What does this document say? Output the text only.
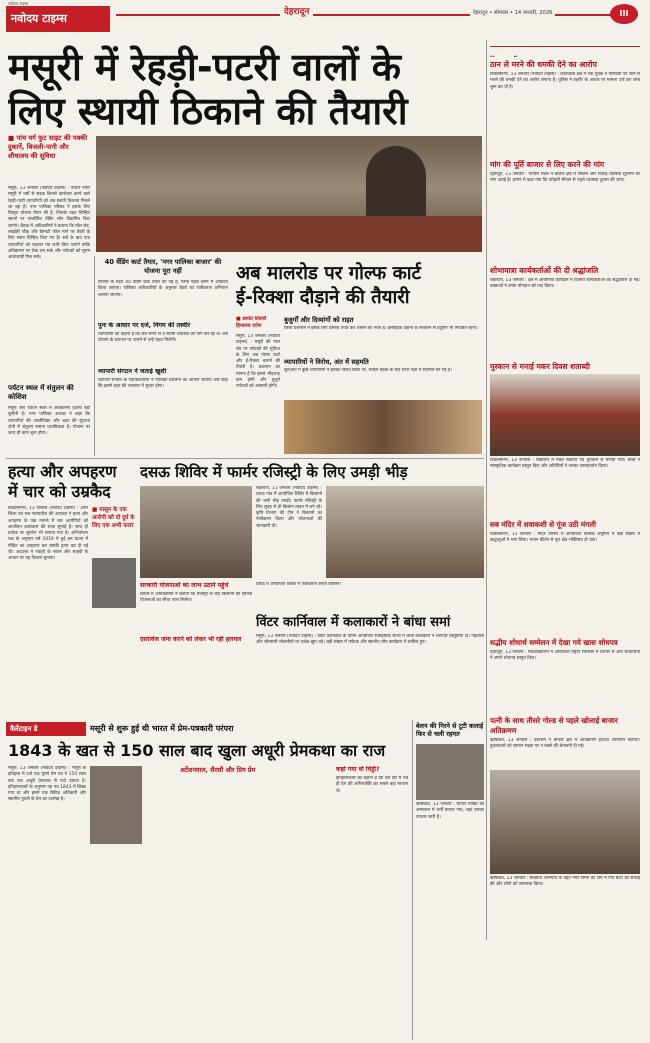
नवोदय टाइम्स
नवोदय टाइम्स	देहरादून	देहरादून • सोमवार • 14 जनवरी, 2026	III
मसूरी में रेहड़ी-पटरी वालों के
लिए स्थायी ठिकाने की तैयारी
■ पांच वर्ग फुट साइट की पक्की दुकानें, बिजली-पानी और शौचालय की सुविधा
मसूरी, 13 जनवरी (नवोदय टाइम्स) : पर्यटन नगरी मसूरी में वर्षों से सड़क किनारे कारोबार करने वाले रेहड़ी-पटरी व्यापारियों को अब स्थायी ठिकाना मिलने जा रहा है। नगर पालिका परिषद ने इसके लिए विस्तृत योजना तैयार की है, जिसके तहत चिन्हित स्थानों पर व्यवस्थित वेंडिंग जोन विकसित किए जाएंगे। बैठक में अधिकारियों ने बताया कि मॉल रोड, लाइब्रेरी चौक और कैम्पटी फॉल मार्ग पर वेंडरों के लिए स्थान चिन्हित किए गए हैं। सर्वे के बाद पात्र व्यापारियों को पहचान पत्र जारी किए जाएंगे ताकि अतिक्रमण पर रोक लग सके और पर्यटकों को सुगम आवाजाही मिल सके।
पर्यटन स्थल में संतुलन की कोशिश
मसूरी जैसे पर्यटन स्थल में अतिक्रमण हटाना बड़ी चुनौती है। नगर पालिका अध्यक्ष ने कहा कि व्यापारियों की आजीविका और शहर की सुंदरता दोनों में संतुलन बनाना प्राथमिकता है। योजना पर जल्द ही काम शुरू होगा।
40 वेंडिंग कार्ट तैयार, 'नगर पालिका बाजार' की योजना पूरा नहीं
योजना के तहत 40 वेंडिंग कार्ट तैयार की गई हैं, जिन्हें पहले चरण में आवंटित किया जाएगा। पालिका अधिकारियों के अनुसार वेंडरों का पंजीकरण अभियान चलाया जाएगा।
पुनः के आधार पर दर्ज, निगम की तस्वीर
व्यापारियों का कहना है कि लंबे समय से वे स्थायी व्यवस्था की मांग कर रहे थे। अब योजना के धरातल पर उतरने से उन्हें राहत मिलेगी।
व्यापारी संगठन ने जताई खुशी
व्यापारी संगठन के पदाधिकारियों ने पालिका प्रशासन का आभार जताया और कहा कि इससे शहर की व्यवस्था में सुधार होगा।
अब मालरोड पर गोल्फ कार्ट
ई-रिक्शा दौड़ाने की तैयारी
■ प्रशांत तिवारी
हिमालय दर्पण
मसूरी, 13 जनवरी (नवोदय टाइम्स) : मसूरी की माल रोड पर पर्यटकों की सुविधा के लिए अब गोल्फ कार्ट और ई-रिक्शा चलाने की तैयारी है। प्रशासन का मानना है कि इससे भीड़भाड़ कम होगी और बुजुर्ग पर्यटकों को आसानी होगी।
बुजुर्गों और दिव्यांगों को राहत
जिला प्रशासन ने इसके लिए प्रस्ताव तैयार कर शासन को भेजा है। इलेक्ट्रिक वाहनों के संचालन से प्रदूषण भी नियंत्रित रहेगा।
व्यापारियों ने विरोध, अंत में सहमति
शुरुआत में कुछ व्यापारियों ने इसका विरोध किया था, लेकिन बैठक के बाद सभी पक्षों में सहमति बन गई है।
ठान ले मरने की धमकी देने का आरोप
विकासनगर, 13 जनवरी (नवोदय टाइम्स) : कोतवाली क्षेत्र में एक युवक ने परिचितों पर जान से मारने की धमकी देने का आरोप लगाया है। पुलिस ने तहरीर के आधार पर मामला दर्ज कर जांच शुरू कर दी है।
मांग की पूर्ति बाजार से लिए करने की मांग
देहरादून, 13 जनवरी : व्यापार मंडल ने बाजार क्षेत्र में पार्किंग और सफाई व्यवस्था सुधारने की मांग उठाई है। ज्ञापन में कहा गया कि त्योहारी सीजन से पहले व्यवस्था दुरुस्त की जाए।
शोभायात्रा कार्यकर्ताओं की दी श्रद्धांजलि
चकराता, 13 जनवरी : क्षेत्र में आयोजित कार्यक्रम में दिवंगत कार्यकर्ताओं को श्रद्धांजलि दी गई। वक्ताओं ने उनके योगदान को याद किया।
मुस्कान से मनाई मकर दिवस शताब्दी
विकासनगर, 13 जनवरी : विद्यालय में मकर संक्रांति पर्व धूमधाम से मनाया गया। छात्रों ने सांस्कृतिक कार्यक्रम प्रस्तुत किए और अतिथियों ने उनका उत्साहवर्धन किया।
सब मंदिर में शवाकशी से गूंज उठी मंगली
विकासनगर, 13 जनवरी : मंदिर परिसर में आयोजित धार्मिक अनुष्ठान में बड़ी संख्या में श्रद्धालुओं ने भाग लिया। भजन कीर्तन से पूरा क्षेत्र भक्तिमय हो उठा।
सद्भीय शोधार्थ सम्मेलन में देखा गये खास शोधपत्र
देहरादून, 13 जनवरी : विश्वविद्यालय में आयोजित राष्ट्रीय सम्मेलन में देशभर से आए शोधार्थियों ने अपने शोधपत्र प्रस्तुत किए।
पत्नी के साथ तीसरे गोल्ड से पहले खोलाई बाजार अतिक्रमण
ऋषिकेश, 13 जनवरी : प्रशासन ने बाजार क्षेत्र में अतिक्रमण हटाओ अभियान चलाया। दुकानदारों को सामान सड़क पर न रखने की चेतावनी दी गई।
ऋषिकेश, 13 जनवरी : स्वच्छता अभियान के तहत नगर निगम की टीम ने गंगा घाटों की सफाई की और लोगों को जागरूक किया।
हत्या और अपहरण
में चार को उम्रकैद
विकासनगर, 13 जनवरी (नवोदय टाइम्स) : अपर जिला एवं सत्र न्यायाधीश की अदालत ने हत्या और अपहरण के एक मामले में चार आरोपियों को आजीवन कारावास की सजा सुनाई है। साथ ही प्रत्येक पर जुर्माना भी लगाया गया है। अभियोजन पक्ष के अनुसार वर्ष 2019 में हुई इस घटना में पीड़ित का अपहरण कर उसकी हत्या कर दी गई थी। अदालत ने गवाहों के बयान और साक्ष्यों के आधार पर यह फैसला सुनाया।
■ मासूम के एक आरोपी को दो दुर्घ के लिए एक अभी फरार
दसऊ शिविर में फार्मर रजिस्ट्री के लिए उमड़ी भीड़
चकराता, 13 जनवरी (नवोदय टाइम्स) : दसऊ गांव में आयोजित शिविर में किसानों की भारी भीड़ उमड़ी। फार्मर रजिस्ट्री के लिए सुबह से ही किसान लाइन में लगे रहे। कृषि विभाग की टीम ने किसानों का पंजीकरण किया और योजनाओं की जानकारी दी।
सरकारी योजनाओं का लाभ उठाने पहुंचे
शिविर में अधिकारियों ने बताया कि रजिस्ट्री के बाद किसानों को विभिन्न योजनाओं का सीधा लाभ मिलेगा।
दसऊ में आयोजित शिविर में पंजीकरण कराते किसान।
दस्तावेज जमा करने को लेकर भी रही हलचल
विंटर कार्निवाल में कलाकारों ने बांधा समां
मसूरी, 13 जनवरी (नवोदय टाइम्स) : विंटर कार्निवाल के दौरान आयोजित सांस्कृतिक संध्या में लोक कलाकारों ने शानदार प्रस्तुतियां दीं। गढ़वाली और जौनसारी लोकगीतों पर दर्शक झूम उठे। बड़ी संख्या में पर्यटक और स्थानीय लोग कार्यक्रम में शामिल हुए।
वैलेंटाइन डे	मसूरी से शुरू हुई थी भारत में प्रेम-पत्रकारी परंपरा
1843 के खत से 150 साल बाद खुला अधूरी प्रेमकथा का राज
मसूरी, 13 जनवरी (नवोदय टाइम्स) : मसूरी के इतिहास में दर्ज एक पुराने प्रेम पत्र ने 150 साल बाद एक अधूरी प्रेमकथा से पर्दा उठाया है। इतिहासकारों के अनुसार यह पत्र 1843 में लिखा गया था और इसमें एक ब्रिटिश अधिकारी और स्थानीय युवती के प्रेम का उल्लेख है।
अटेंशनवाल, सैरसौं और प्रिय प्रेम	कहां गया वो चिट्ठी?
इतिहासकारों का कहना है कि उस दौर में पत्र ही प्रेम की अभिव्यक्ति का सबसे बड़ा माध्यम थे।
बेलन की गिरने से टूटी कलाई फिर से चली रहमत
ऋषिकेश, 13 जनवरी : घायल व्यक्ति को अस्पताल में भर्ती कराया गया, जहां उसका उपचार जारी है।
